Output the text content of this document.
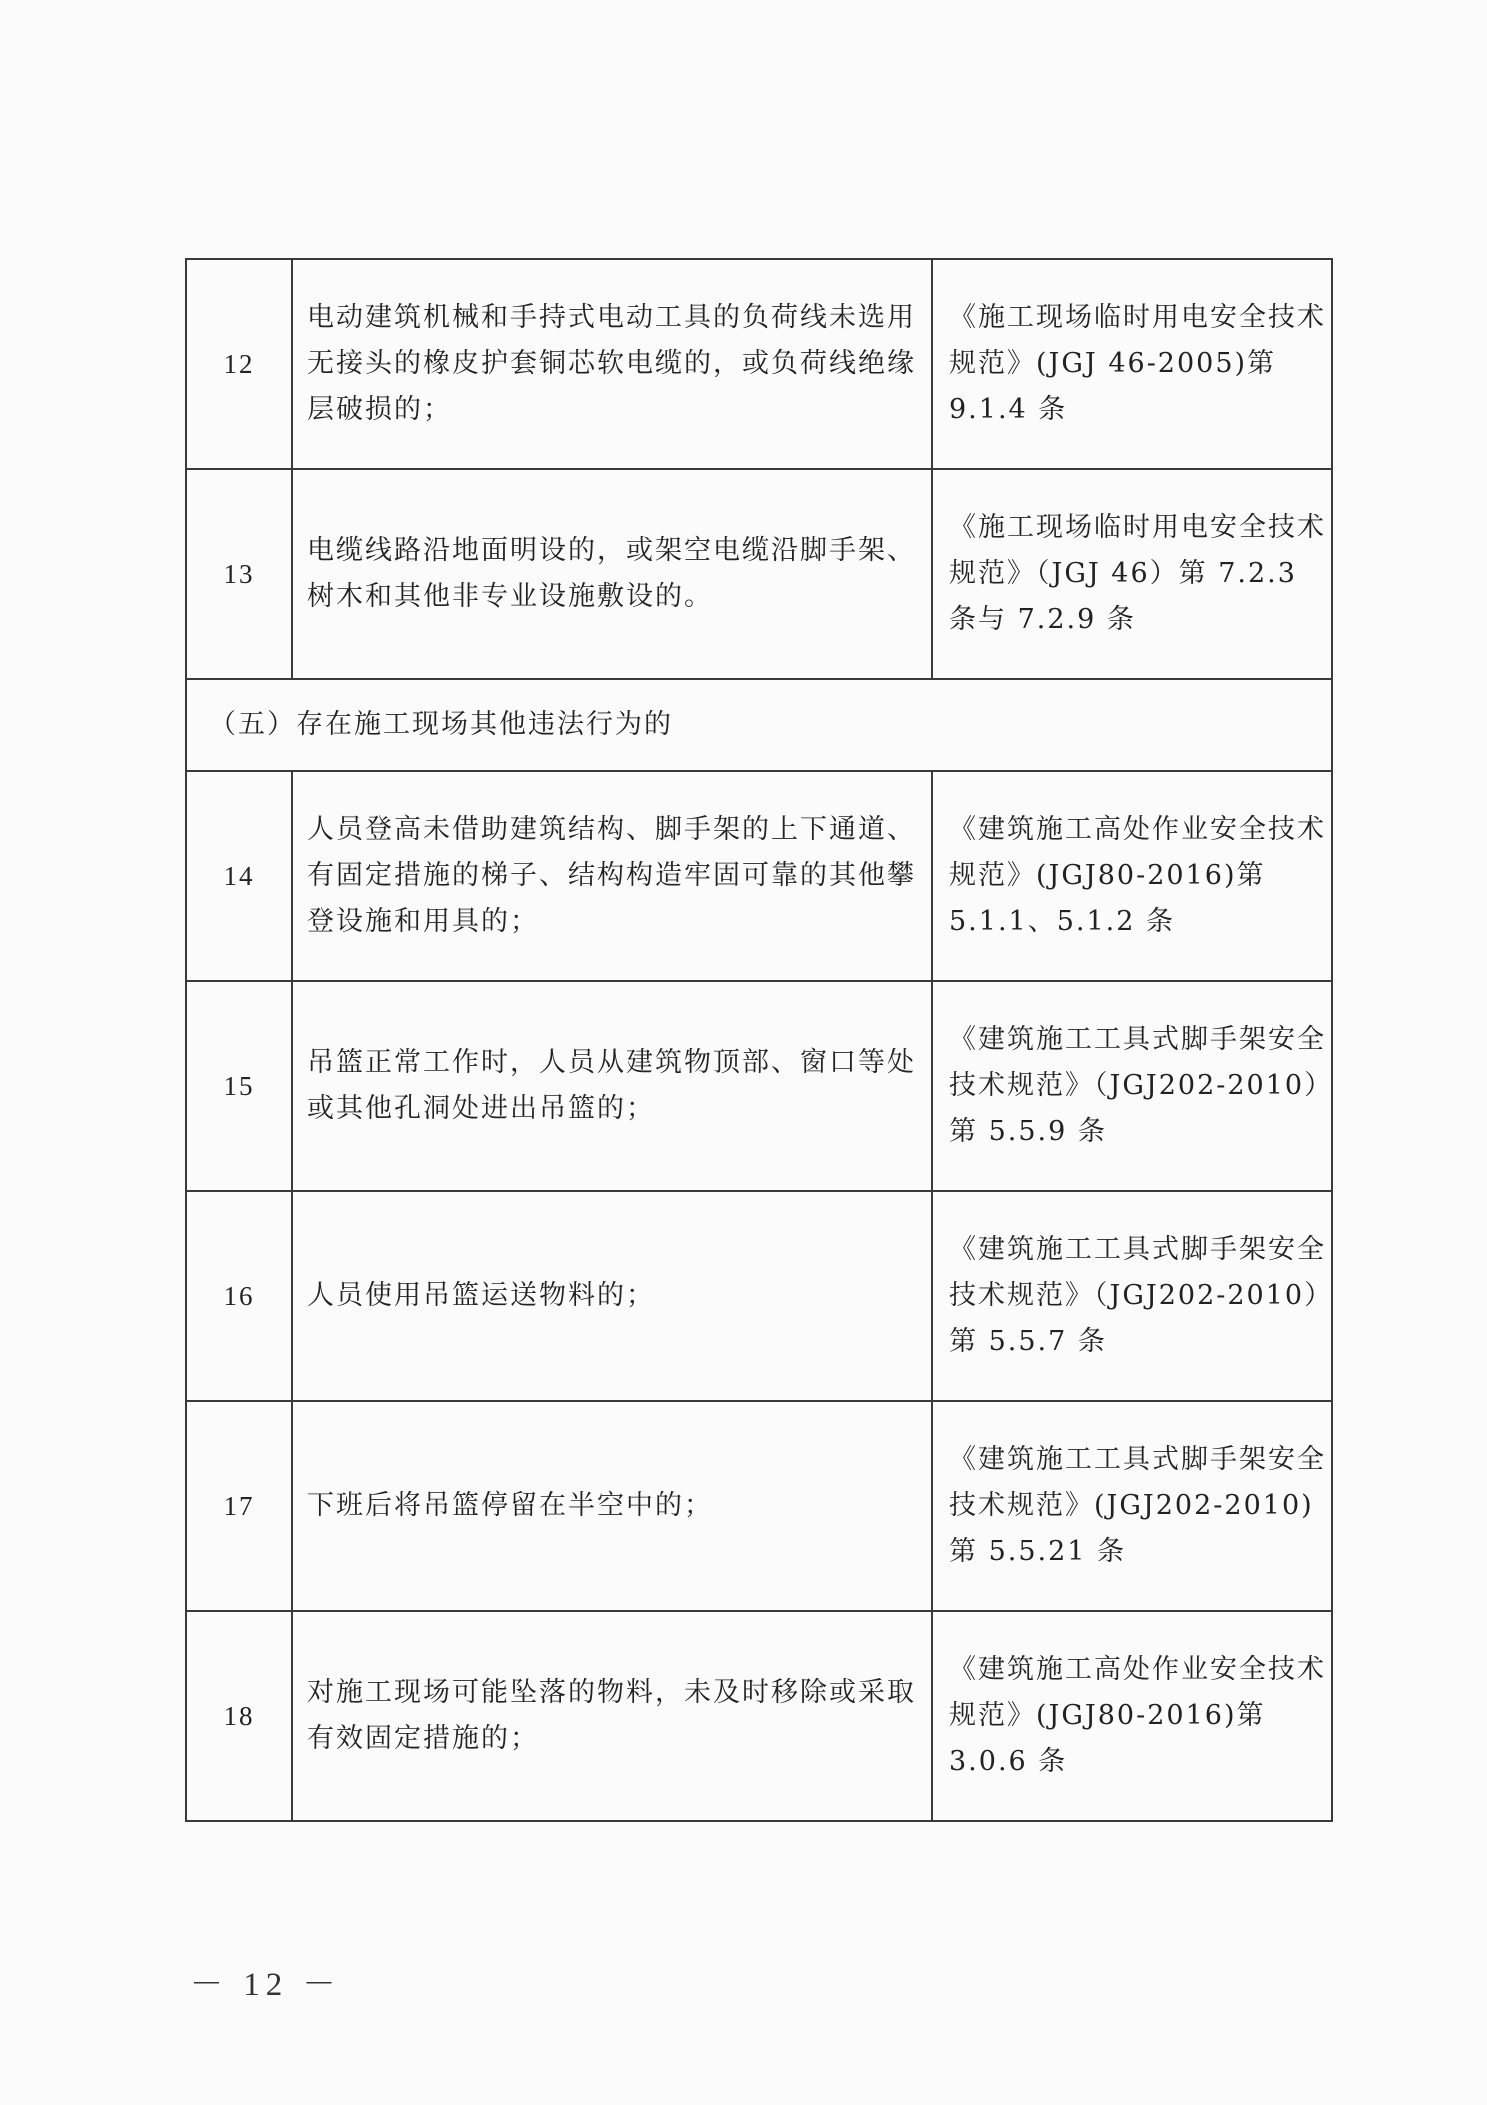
12	电动建筑机械和手持式电动工具的负荷线未选用无接头的橡皮护套铜芯软电缆的，或负荷线绝缘层破损的；	《施工现场临时用电安全技术规范》(JGJ 46-2005)第 9.1.4 条
13	电缆线路沿地面明设的，或架空电缆沿脚手架、树木和其他非专业设施敷设的。	《施工现场临时用电安全技术规范》（JGJ 46）第 7.2.3 条与 7.2.9 条
（五）存在施工现场其他违法行为的		
14	人员登高未借助建筑结构、脚手架的上下通道、有固定措施的梯子、结构构造牢固可靠的其他攀登设施和用具的；	《建筑施工高处作业安全技术规范》(JGJ80-2016)第 5.1.1、5.1.2 条
15	吊篮正常工作时，人员从建筑物顶部、窗口等处或其他孔洞处进出吊篮的；	《建筑施工工具式脚手架安全技术规范》（JGJ202-2010）第 5.5.9 条
16	人员使用吊篮运送物料的；	《建筑施工工具式脚手架安全技术规范》（JGJ202-2010）第 5.5.7 条
17	下班后将吊篮停留在半空中的；	《建筑施工工具式脚手架安全技术规范》(JGJ202-2010)第 5.5.21 条
18	对施工现场可能坠落的物料，未及时移除或采取有效固定措施的；	《建筑施工高处作业安全技术规范》(JGJ80-2016)第 3.0.6 条
－ 12 －
